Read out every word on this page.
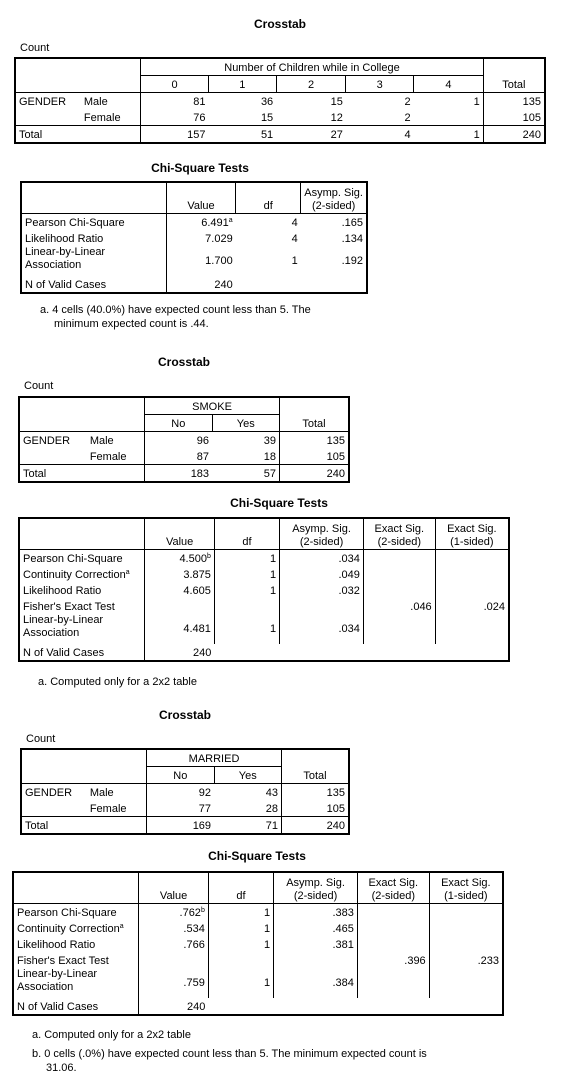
Crosstab
Count
		Number of Children while in College					Total
		0	1	2	3	4	
GENDER	Male	81	36	15	2	1	135
	Female	76	15	12	2		105
Total		157	51	27	4	1	240
Chi-Square Tests
	Value	df	Asymp. Sig.
(2-sided)
Pearson Chi-Square	6.491$^a$	4	.165
Likelihood Ratio	7.029	4	.134
Linear-by-Linear
Association	1.700	1	.192
N of Valid Cases	240		
a. 4 cells (40.0%) have expected count less than 5. The
minimum expected count is .44.
Crosstab
Count
		SMOKE		Total
		No	Yes	
GENDER	Male	96	39	135
	Female	87	18	105
Total		183	57	240
Chi-Square Tests
	Value	df	Asymp. Sig.
(2-sided)	Exact Sig.
(2-sided)	Exact Sig.
(1-sided)
Pearson Chi-Square	4.500$^b$	1	.034		
Continuity Correction$^a$	3.875	1	.049		
Likelihood Ratio	4.605	1	.032		
Fisher's Exact Test				.046	.024
Linear-by-Linear
Association	4.481	1	.034		
N of Valid Cases	240				
a. Computed only for a 2x2 table
Crosstab
Count
		MARRIED		Total
		No	Yes	
GENDER	Male	92	43	135
	Female	77	28	105
Total		169	71	240
Chi-Square Tests
	Value	df	Asymp. Sig.
(2-sided)	Exact Sig.
(2-sided)	Exact Sig.
(1-sided)
Pearson Chi-Square	.762$^b$	1	.383		
Continuity Correction$^a$	.534	1	.465		
Likelihood Ratio	.766	1	.381		
Fisher's Exact Test				.396	.233
Linear-by-Linear
Association	.759	1	.384		
N of Valid Cases	240				
a. Computed only for a 2x2 table
b. 0 cells (.0%) have expected count less than 5. The minimum expected count is
31.06.
